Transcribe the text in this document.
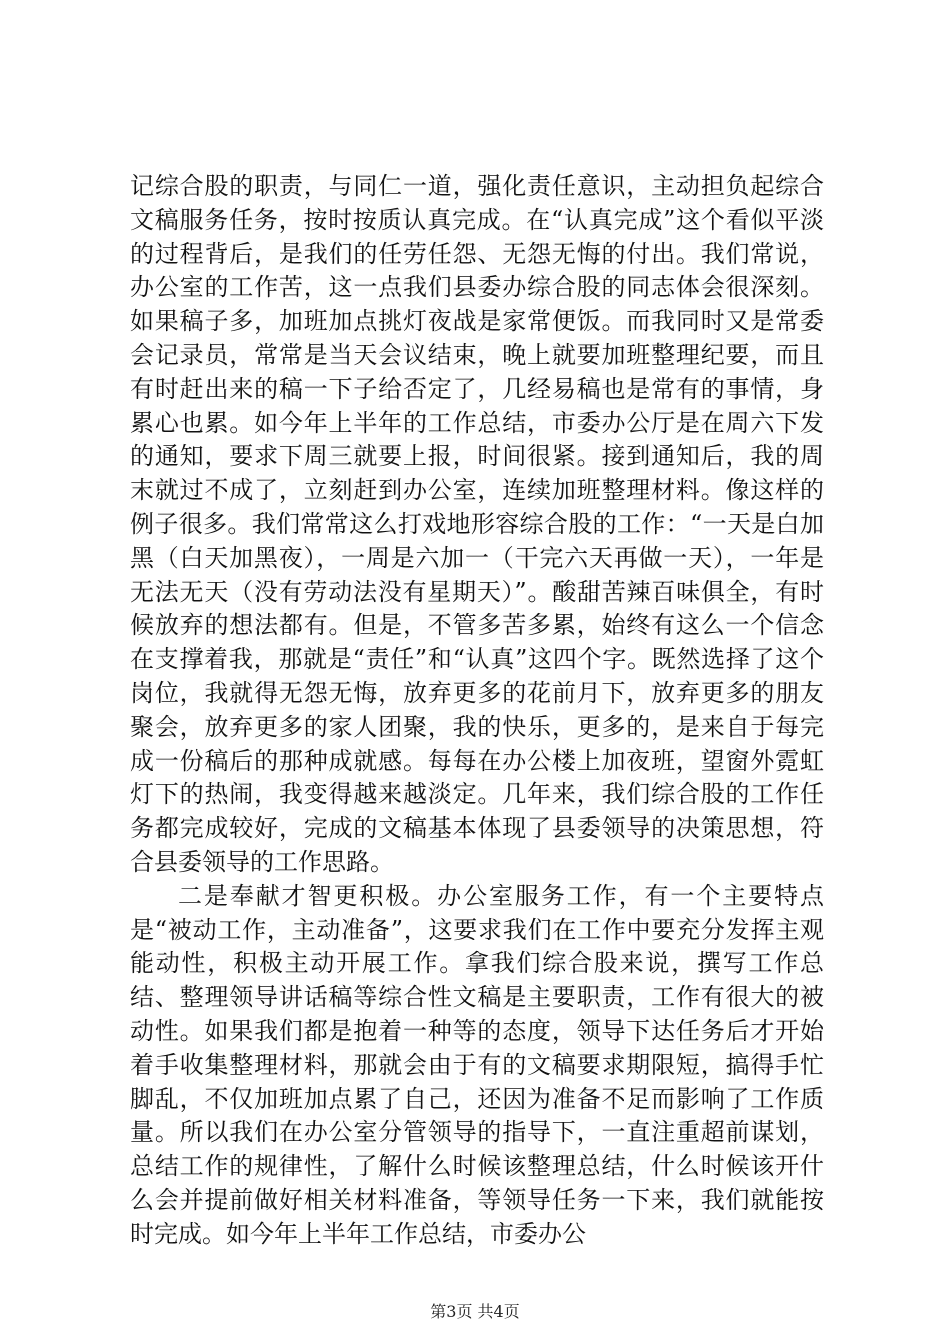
记综合股的职责，与同仁一道，强化责任意识，主动担负起综合文稿服务任务，按时按质认真完成。在“认真完成”这个看似平淡的过程背后，是我们的任劳任怨、无怨无悔的付出。我们常说，办公室的工作苦，这一点我们县委办综合股的同志体会很深刻。如果稿子多，加班加点挑灯夜战是家常便饭。而我同时又是常委会记录员，常常是当天会议结束，晚上就要加班整理纪要，而且有时赶出来的稿一下子给否定了，几经易稿也是常有的事情，身累心也累。如今年上半年的工作总结，市委办公厅是在周六下发的通知，要求下周三就要上报，时间很紧。接到通知后，我的周末就过不成了，立刻赶到办公室，连续加班整理材料。像这样的例子很多。我们常常这么打戏地形容综合股的工作：“一天是白加黑（白天加黑夜），一周是六加一（干完六天再做一天），一年是无法无天（没有劳动法没有星期天）”。酸甜苦辣百味俱全，有时候放弃的想法都有。但是，不管多苦多累，始终有这么一个信念在支撑着我，那就是“责任”和“认真”这四个字。既然选择了这个岗位，我就得无怨无悔，放弃更多的花前月下，放弃更多的朋友聚会，放弃更多的家人团聚，我的快乐，更多的，是来自于每完成一份稿后的那种成就感。每每在办公楼上加夜班，望窗外霓虹灯下的热闹，我变得越来越淡定。几年来，我们综合股的工作任务都完成较好，完成的文稿基本体现了县委领导的决策思想，符合县委领导的工作思路。

二是奉献才智更积极。办公室服务工作，有一个主要特点是“被动工作，主动准备”，这要求我们在工作中要充分发挥主观能动性，积极主动开展工作。拿我们综合股来说，撰写工作总结、整理领导讲话稿等综合性文稿是主要职责，工作有很大的被动性。如果我们都是抱着一种等的态度，领导下达任务后才开始着手收集整理材料，那就会由于有的文稿要求期限短，搞得手忙脚乱，不仅加班加点累了自己，还因为准备不足而影响了工作质量。所以我们在办公室分管领导的指导下，一直注重超前谋划，总结工作的规律性，了解什么时候该整理总结，什么时候该开什么会并提前做好相关材料准备，等领导任务一下来，我们就能按时完成。如今年上半年工作总结，市委办公

第3页 共4页
